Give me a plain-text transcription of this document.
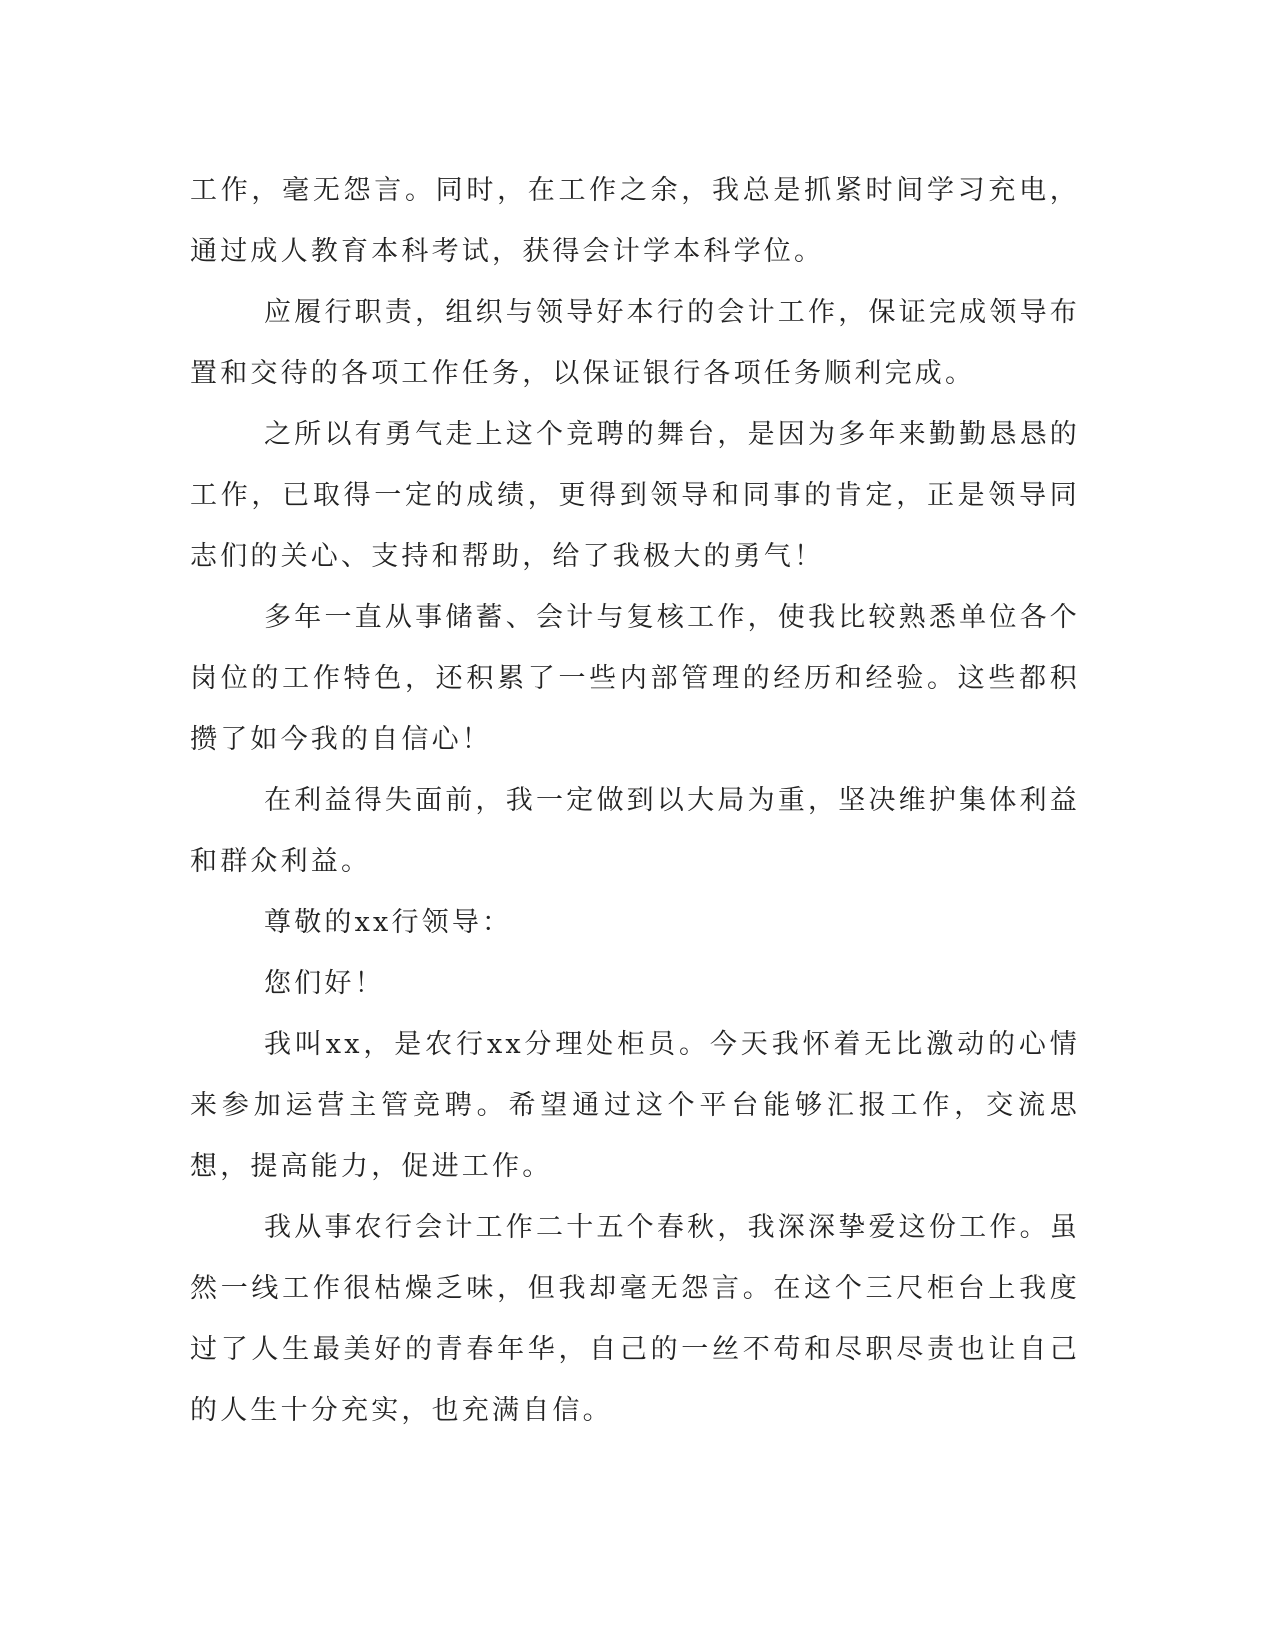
工作，毫无怨言。同时，在工作之余，我总是抓紧时间学习充电，通过成人教育本科考试，获得会计学本科学位。

应履行职责，组织与领导好本行的会计工作，保证完成领导布置和交待的各项工作任务，以保证银行各项任务顺利完成。

之所以有勇气走上这个竞聘的舞台，是因为多年来勤勤恳恳的工作，已取得一定的成绩，更得到领导和同事的肯定，正是领导同志们的关心、支持和帮助，给了我极大的勇气！

多年一直从事储蓄、会计与复核工作，使我比较熟悉单位各个岗位的工作特色，还积累了一些内部管理的经历和经验。这些都积攒了如今我的自信心！

在利益得失面前，我一定做到以大局为重，坚决维护集体利益和群众利益。

尊敬的xx行领导：

您们好！

我叫xx，是农行xx分理处柜员。今天我怀着无比激动的心情来参加运营主管竞聘。希望通过这个平台能够汇报工作，交流思想，提高能力，促进工作。

我从事农行会计工作二十五个春秋，我深深挚爱这份工作。虽然一线工作很枯燥乏味，但我却毫无怨言。在这个三尺柜台上我度过了人生最美好的青春年华，自己的一丝不苟和尽职尽责也让自己的人生十分充实，也充满自信。
